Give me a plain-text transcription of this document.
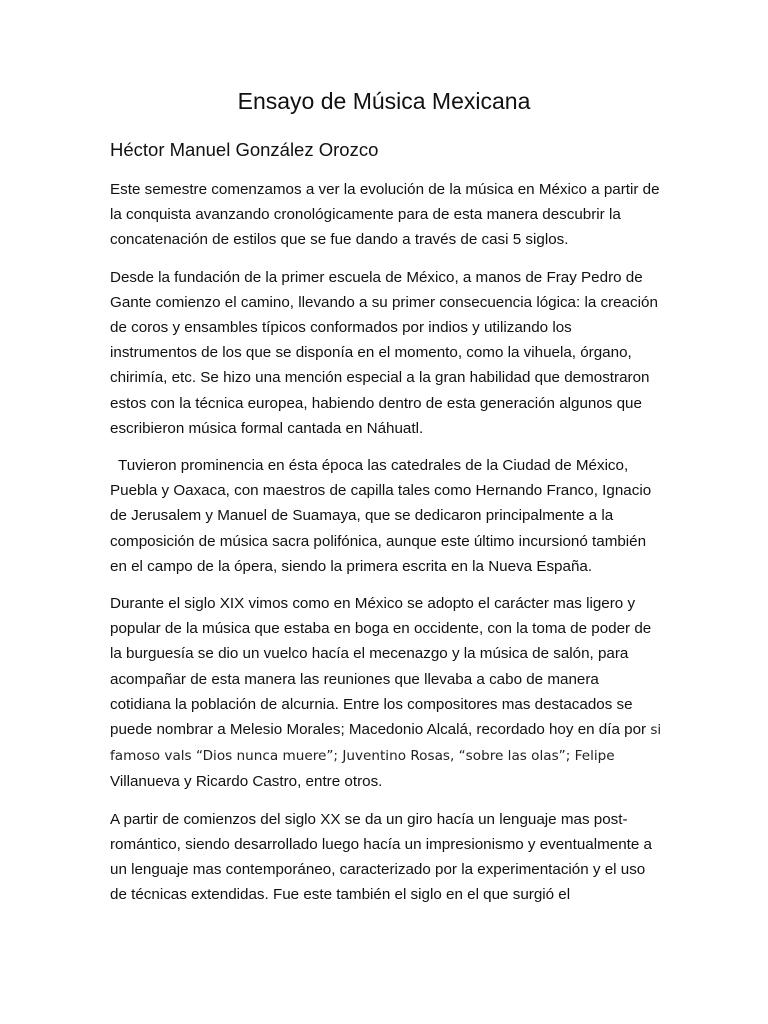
Ensayo de Música Mexicana
Héctor Manuel González Orozco

Este semestre comenzamos a ver la evolución de la música en México a partir de la conquista avanzando cronológicamente para de esta manera descubrir la concatenación de estilos que se fue dando a través de casi 5 siglos.

Desde la fundación de la primer escuela de México, a manos de Fray Pedro de Gante comienzo el camino, llevando a su primer consecuencia lógica: la creación de coros y ensambles típicos conformados por indios y utilizando los instrumentos de los que se disponía en el momento, como la vihuela, órgano, chirimía, etc. Se hizo una mención especial a la gran habilidad que demostraron estos con la técnica europea, habiendo dentro de esta generación algunos que escribieron música formal cantada en Náhuatl.

Tuvieron prominencia en ésta época las catedrales de la Ciudad de México, Puebla y Oaxaca, con maestros de capilla tales como Hernando Franco, Ignacio de Jerusalem y Manuel de Suamaya, que se dedicaron principalmente a la composición de música sacra polifónica, aunque este último incursionó también en el campo de la ópera, siendo la primera escrita en la Nueva España.

Durante el siglo XIX vimos como en México se adopto el carácter mas ligero y popular de la música que estaba en boga en occidente, con la toma de poder de la burguesía se dio un vuelco hacía el mecenazgo y la música de salón, para acompañar de esta manera las reuniones que llevaba a cabo de manera cotidiana la población de alcurnia. Entre los compositores mas destacados se puede nombrar a Melesio Morales; Macedonio Alcalá, recordado hoy en día por si famoso vals “Dios nunca muere”; Juventino Rosas, “sobre las olas”; Felipe Villanueva y Ricardo Castro, entre otros.

A partir de comienzos del siglo XX se da un giro hacía un lenguaje mas post-romántico, siendo desarrollado luego hacía un impresionismo y eventualmente a un lenguaje mas contemporáneo, caracterizado por la experimentación y el uso de técnicas extendidas. Fue este también el siglo en el que surgió el
